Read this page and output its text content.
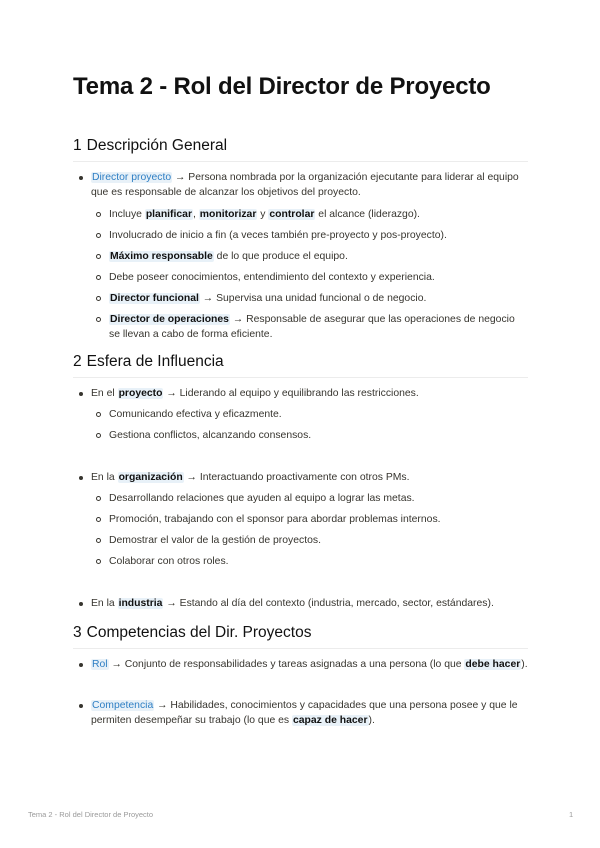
Tema 2 - Rol del Director de Proyecto
1 Descripción General
Director proyecto → Persona nombrada por la organización ejecutante para liderar al equipo que es responsable de alcanzar los objetivos del proyecto.
Incluye planificar, monitorizar y controlar el alcance (liderazgo).
Involucrado de inicio a fin (a veces también pre-proyecto y pos-proyecto).
Máximo responsable de lo que produce el equipo.
Debe poseer conocimientos, entendimiento del contexto y experiencia.
Director funcional → Supervisa una unidad funcional o de negocio.
Director de operaciones → Responsable de asegurar que las operaciones de negocio se llevan a cabo de forma eficiente.
2 Esfera de Influencia
En el proyecto → Liderando al equipo y equilibrando las restricciones.
Comunicando efectiva y eficazmente.
Gestiona conflictos, alcanzando consensos.
En la organización → Interactuando proactivamente con otros PMs.
Desarrollando relaciones que ayuden al equipo a lograr las metas.
Promoción, trabajando con el sponsor para abordar problemas internos.
Demostrar el valor de la gestión de proyectos.
Colaborar con otros roles.
En la industria → Estando al día del contexto (industria, mercado, sector, estándares).
3 Competencias del Dir. Proyectos
Rol → Conjunto de responsabilidades y tareas asignadas a una persona (lo que debe hacer).
Competencia → Habilidades, conocimientos y capacidades que una persona posee y que le permiten desempeñar su trabajo (lo que es capaz de hacer).
Tema 2 - Rol del Director de Proyecto	1
